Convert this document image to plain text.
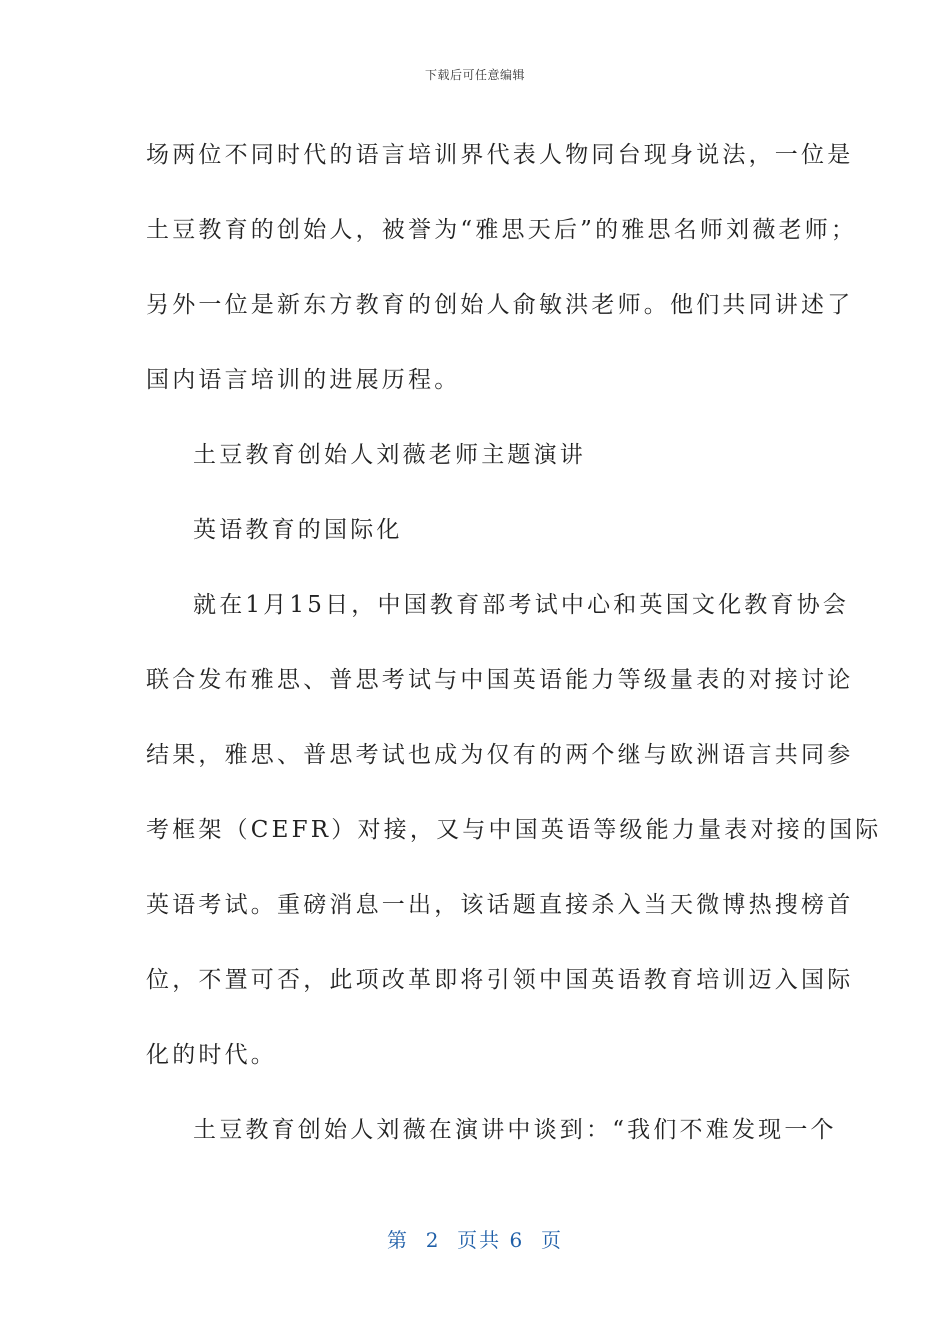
下载后可任意编辑
场两位不同时代的语言培训界代表人物同台现身说法，一位是
土豆教育的创始人，被誉为“雅思天后”的雅思名师刘薇老师；
另外一位是新东方教育的创始人俞敏洪老师。他们共同讲述了
国内语言培训的进展历程。
土豆教育创始人刘薇老师主题演讲
英语教育的国际化
就在1月15日，中国教育部考试中心和英国文化教育协会
联合发布雅思、普思考试与中国英语能力等级量表的对接讨论
结果，雅思、普思考试也成为仅有的两个继与欧洲语言共同参
考框架（CEFR）对接，又与中国英语等级能力量表对接的国际
英语考试。重磅消息一出，该话题直接杀入当天微博热搜榜首
位，不置可否，此项改革即将引领中国英语教育培训迈入国际
化的时代。
土豆教育创始人刘薇在演讲中谈到：“我们不难发现一个
第  2  页共 6  页
